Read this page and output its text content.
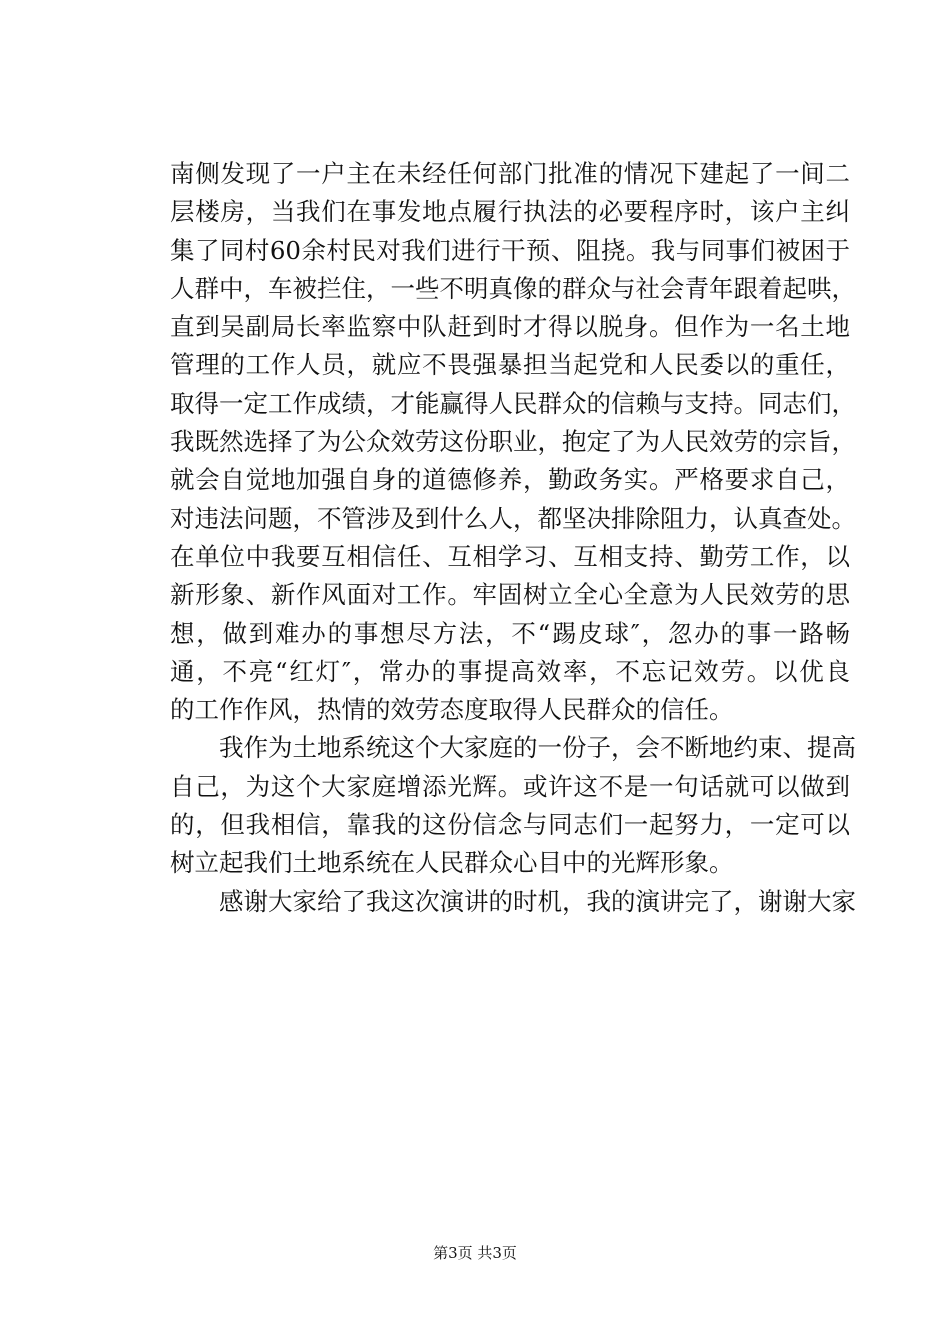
南侧发现了一户主在未经任何部门批准的情况下建起了一间二
层楼房，当我们在事发地点履行执法的必要程序时，该户主纠
集了同村60余村民对我们进行干预、阻挠。我与同事们被困于
人群中，车被拦住，一些不明真像的群众与社会青年跟着起哄，
直到吴副局长率监察中队赶到时才得以脱身。但作为一名土地
管理的工作人员，就应不畏强暴担当起党和人民委以的重任，
取得一定工作成绩，才能赢得人民群众的信赖与支持。同志们，
我既然选择了为公众效劳这份职业，抱定了为人民效劳的宗旨，
就会自觉地加强自身的道德修养，勤政务实。严格要求自己，
对违法问题，不管涉及到什么人，都坚决排除阻力，认真查处。
在单位中我要互相信任、互相学习、互相支持、勤劳工作，以
新形象、新作风面对工作。牢固树立全心全意为人民效劳的思
想，做到难办的事想尽方法，不“踢皮球″，忽办的事一路畅
通，不亮“红灯″，常办的事提高效率，不忘记效劳。以优良
的工作作风，热情的效劳态度取得人民群众的信任。
　　我作为土地系统这个大家庭的一份子，会不断地约束、提高
自己，为这个大家庭增添光辉。或许这不是一句话就可以做到
的，但我相信，靠我的这份信念与同志们一起努力，一定可以
树立起我们土地系统在人民群众心目中的光辉形象。
　　感谢大家给了我这次演讲的时机，我的演讲完了，谢谢大家
第3页 共3页
